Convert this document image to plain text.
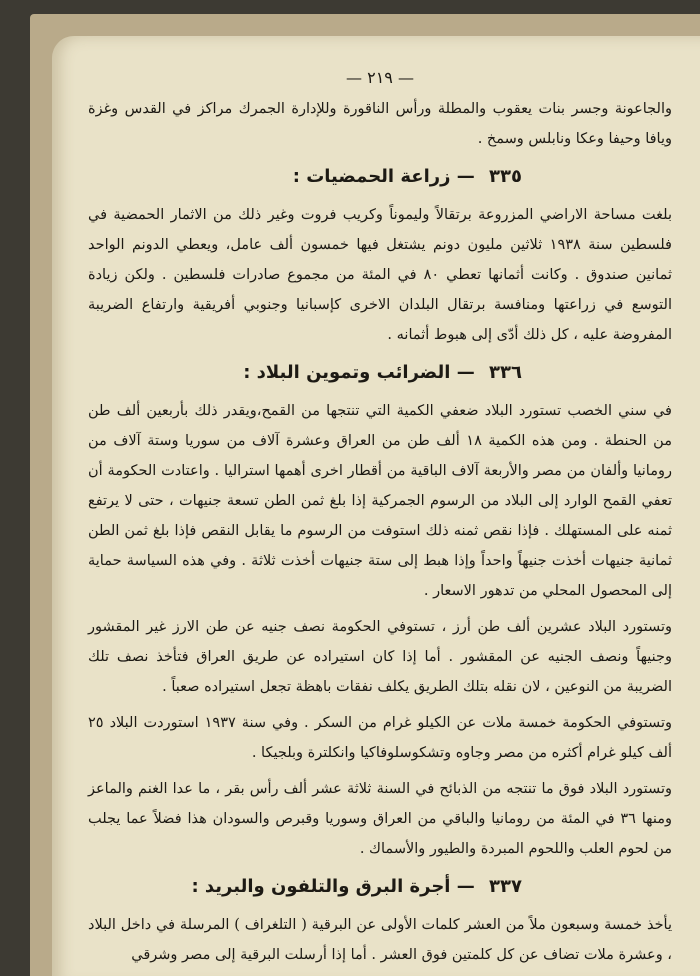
— ٢١٩ —

والجاعونة وجسر بنات يعقوب والمطلة ورأس الناقورة وللإدارة الجمرك مراكز في القدس وغزة ويافا وحيفا وعكا ونابلس وسمخ .

٣٣٥ — زراعة الحمضيات :

بلغت مساحة الاراضي المزروعة برتقالاً وليموناً وكريب فروت وغير ذلك من الاثمار الحمضية في فلسطين سنة ١٩٣٨ ثلاثين مليون دونم يشتغل فيها خمسون ألف عامل، ويعطي الدونم الواحد ثمانين صندوق . وكانت أثمانها تعطي ٨٠ في المئة من مجموع صادرات فلسطين . ولكن زيادة التوسع في زراعتها ومنافسة برتقال البلدان الاخرى كإسبانيا وجنوبي أفريقية وارتفاع الضريبة المفروضة عليه ، كل ذلك أدّى إلى هبوط أثمانه .

٣٣٦ — الضرائب وتموين البلاد :

في سني الخصب تستورد البلاد ضعفي الكمية التي تنتجها من القمح،ويقدر ذلك بأربعين ألف طن من الحنطة . ومن هذه الكمية ١٨ ألف طن من العراق وعشرة آلاف من سوريا وستة آلاف من رومانيا وألفان من مصر والأربعة آلاف الباقية من أقطار اخرى أهمها استراليا . واعتادت الحكومة أن تعفي القمح الوارد إلى البلاد من الرسوم الجمركية إذا بلغ ثمن الطن تسعة جنيهات ، حتى لا يرتفع ثمنه على المستهلك . فإذا نقص ثمنه ذلك استوفت من الرسوم ما يقابل النقص فإذا بلغ ثمن الطن ثمانية جنيهات أخذت جنيهاً واحداً وإذا هبط إلى ستة جنيهات أخذت ثلاثة . وفي هذه السياسة حماية إلى المحصول المحلي من تدهور الاسعار .

وتستورد البلاد عشرين ألف طن أرز ، تستوفي الحكومة نصف جنيه عن طن الارز غير المقشور وجنيهاً ونصف الجنيه عن المقشور . أما إذا كان استيراده عن طريق العراق فتأخذ نصف تلك الضريبة من النوعين ، لان نقله بتلك الطريق يكلف نفقات باهظة تجعل استيراده صعباً .

وتستوفي الحكومة خمسة ملات عن الكيلو غرام من السكر . وفي سنة ١٩٣٧ استوردت البلاد ٢٥ ألف كيلو غرام أكثره من مصر وجاوه وتشكوسلوفاكيا وانكلترة وبلجيكا .

وتستورد البلاد فوق ما تنتجه من الذبائح في السنة ثلاثة عشر ألف رأس بقر ، ما عدا الغنم والماعز ومنها ٣٦ في المئة من رومانيا والباقي من العراق وسوريا وقبرص والسودان هذا فضلاً عما يجلب من لحوم العلب واللحوم المبردة والطيور والأسماك .

٣٣٧ — أجرة البرق والتلفون والبريد :

يأخذ خمسة وسبعون ملاً من العشر كلمات الأولى عن البرقية ( التلغراف ) المرسلة في داخل البلاد ، وعشرة ملات تضاف عن كل كلمتين فوق العشر . أما إذا أرسلت البرقية إلى مصر وشرقي
